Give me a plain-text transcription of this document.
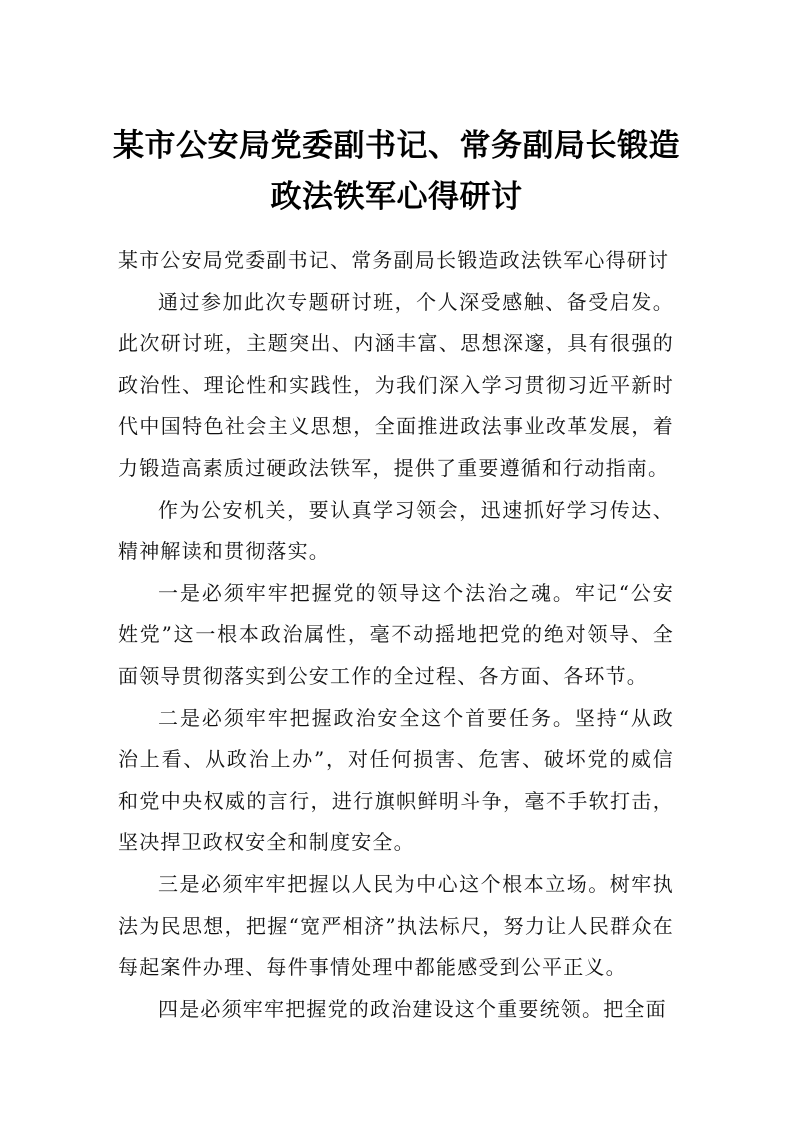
某市公安局党委副书记、常务副局长锻造政法铁军心得研讨

某市公安局党委副书记、常务副局长锻造政法铁军心得研讨

通过参加此次专题研讨班，个人深受感触、备受启发。此次研讨班，主题突出、内涵丰富、思想深邃，具有很强的政治性、理论性和实践性，为我们深入学习贯彻习近平新时代中国特色社会主义思想，全面推进政法事业改革发展，着力锻造高素质过硬政法铁军，提供了重要遵循和行动指南。

作为公安机关，要认真学习领会，迅速抓好学习传达、精神解读和贯彻落实。

一是必须牢牢把握党的领导这个法治之魂。牢记“公安姓党”这一根本政治属性，毫不动摇地把党的绝对领导、全面领导贯彻落实到公安工作的全过程、各方面、各环节。

二是必须牢牢把握政治安全这个首要任务。坚持“从政治上看、从政治上办”，对任何损害、危害、破坏党的威信和党中央权威的言行，进行旗帜鲜明斗争，毫不手软打击，坚决捍卫政权安全和制度安全。

三是必须牢牢把握以人民为中心这个根本立场。树牢执法为民思想，把握“宽严相济”执法标尺，努力让人民群众在每起案件办理、每件事情处理中都能感受到公平正义。

四是必须牢牢把握党的政治建设这个重要统领。把全面
